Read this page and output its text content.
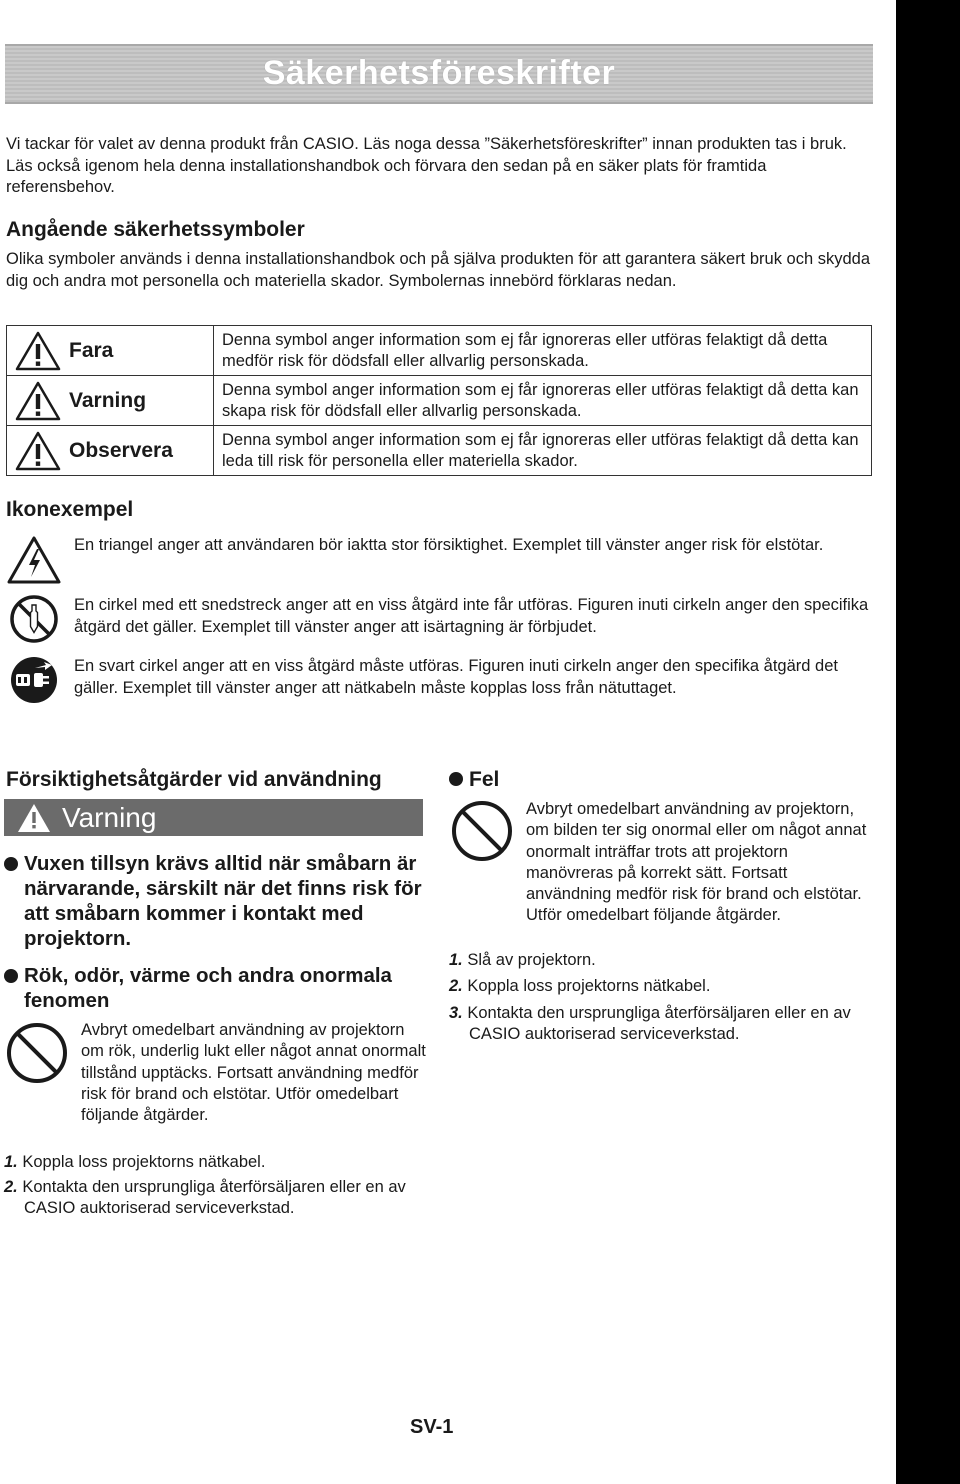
Säkerhetsföreskrifter

Vi tackar för valet av denna produkt från CASIO. Läs noga dessa ”Säkerhetsföreskrifter” innan produkten tas i bruk. Läs också igenom hela denna installationshandbok och förvara den sedan på en säker plats för framtida referensbehov.

Angående säkerhetssymboler

Olika symboler används i denna installationshandbok och på själva produkten för att garantera säkert bruk och skydda dig och andra mot personella och materiella skador. Symbolernas innebörd förklaras nedan.

Fara	Denna symbol anger information som ej får ignoreras eller utföras felaktigt då detta medför risk för dödsfall eller allvarlig personskada.

Varning	Denna symbol anger information som ej får ignoreras eller utföras felaktigt då detta kan skapa risk för dödsfall eller allvarlig personskada.

Observera	Denna symbol anger information som ej får ignoreras eller utföras felaktigt då detta kan leda till risk för personella eller materiella skador.
Ikonexempel

En triangel anger att användaren bör iaktta stor försiktighet. Exemplet till vänster anger risk för elstötar.

En cirkel med ett snedstreck anger att en viss åtgärd inte får utföras. Figuren inuti cirkeln anger den specifika åtgärd det gäller. Exemplet till vänster anger att isärtagning är förbjudet.

En svart cirkel anger att en viss åtgärd måste utföras. Figuren inuti cirkeln anger den specifika åtgärd det gäller. Exemplet till vänster anger att nätkabeln måste kopplas loss från nätuttaget.

Försiktighetsåtgärder vid användning
Varning

Vuxen tillsyn krävs alltid när småbarn är närvarande, särskilt när det finns risk för att småbarn kommer i kontakt med projektorn.

Rök, odör, värme och andra onormala fenomen

Avbryt omedelbart användning av projektorn om rök, underlig lukt eller något annat onormalt tillstånd upptäcks. Fortsatt användning medför risk för brand och elstötar. Utför omedelbart följande åtgärder.

1. Koppla loss projektorns nätkabel.

2. Kontakta den ursprungliga återförsäljaren eller en av CASIO auktoriserad serviceverkstad.

Fel

Avbryt omedelbart användning av projektorn, om bilden ter sig onormal eller om något annat onormalt inträffar trots att projektorn manövreras på korrekt sätt. Fortsatt användning medför risk för brand och elstötar. Utför omedelbart följande åtgärder.

1. Slå av projektorn.

2. Koppla loss projektorns nätkabel.

3. Kontakta den ursprungliga återförsäljaren eller en av CASIO auktoriserad serviceverkstad.

SV-1
